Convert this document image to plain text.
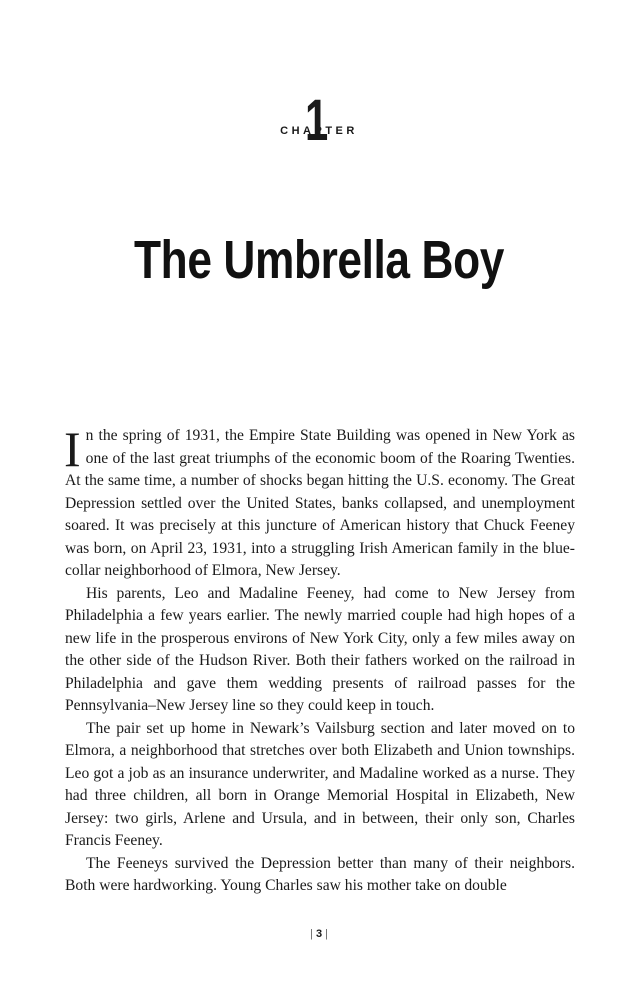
1
CHAPTER
The Umbrella Boy

In the spring of 1931, the Empire State Building was opened in New York as one of the last great triumphs of the economic boom of the Roaring Twenties. At the same time, a number of shocks began hitting the U.S. economy. The Great Depression settled over the United States, banks collapsed, and unemployment soared. It was precisely at this juncture of American history that Chuck Feeney was born, on April 23, 1931, into a struggling Irish American family in the blue-collar neighborhood of Elmora, New Jersey.

His parents, Leo and Madaline Feeney, had come to New Jersey from Philadelphia a few years earlier. The newly married couple had high hopes of a new life in the prosperous environs of New York City, only a few miles away on the other side of the Hudson River. Both their fathers worked on the railroad in Philadelphia and gave them wedding presents of railroad passes for the Pennsylvania–New Jersey line so they could keep in touch.

The pair set up home in Newark’s Vailsburg section and later moved on to Elmora, a neighborhood that stretches over both Elizabeth and Union townships. Leo got a job as an insurance underwriter, and Madaline worked as a nurse. They had three children, all born in Orange Memorial Hospital in Elizabeth, New Jersey: two girls, Arlene and Ursula, and in between, their only son, Charles Francis Feeney.

The Feeneys survived the Depression better than many of their neighbors. Both were hardworking. Young Charles saw his mother take on double

| 3 |
